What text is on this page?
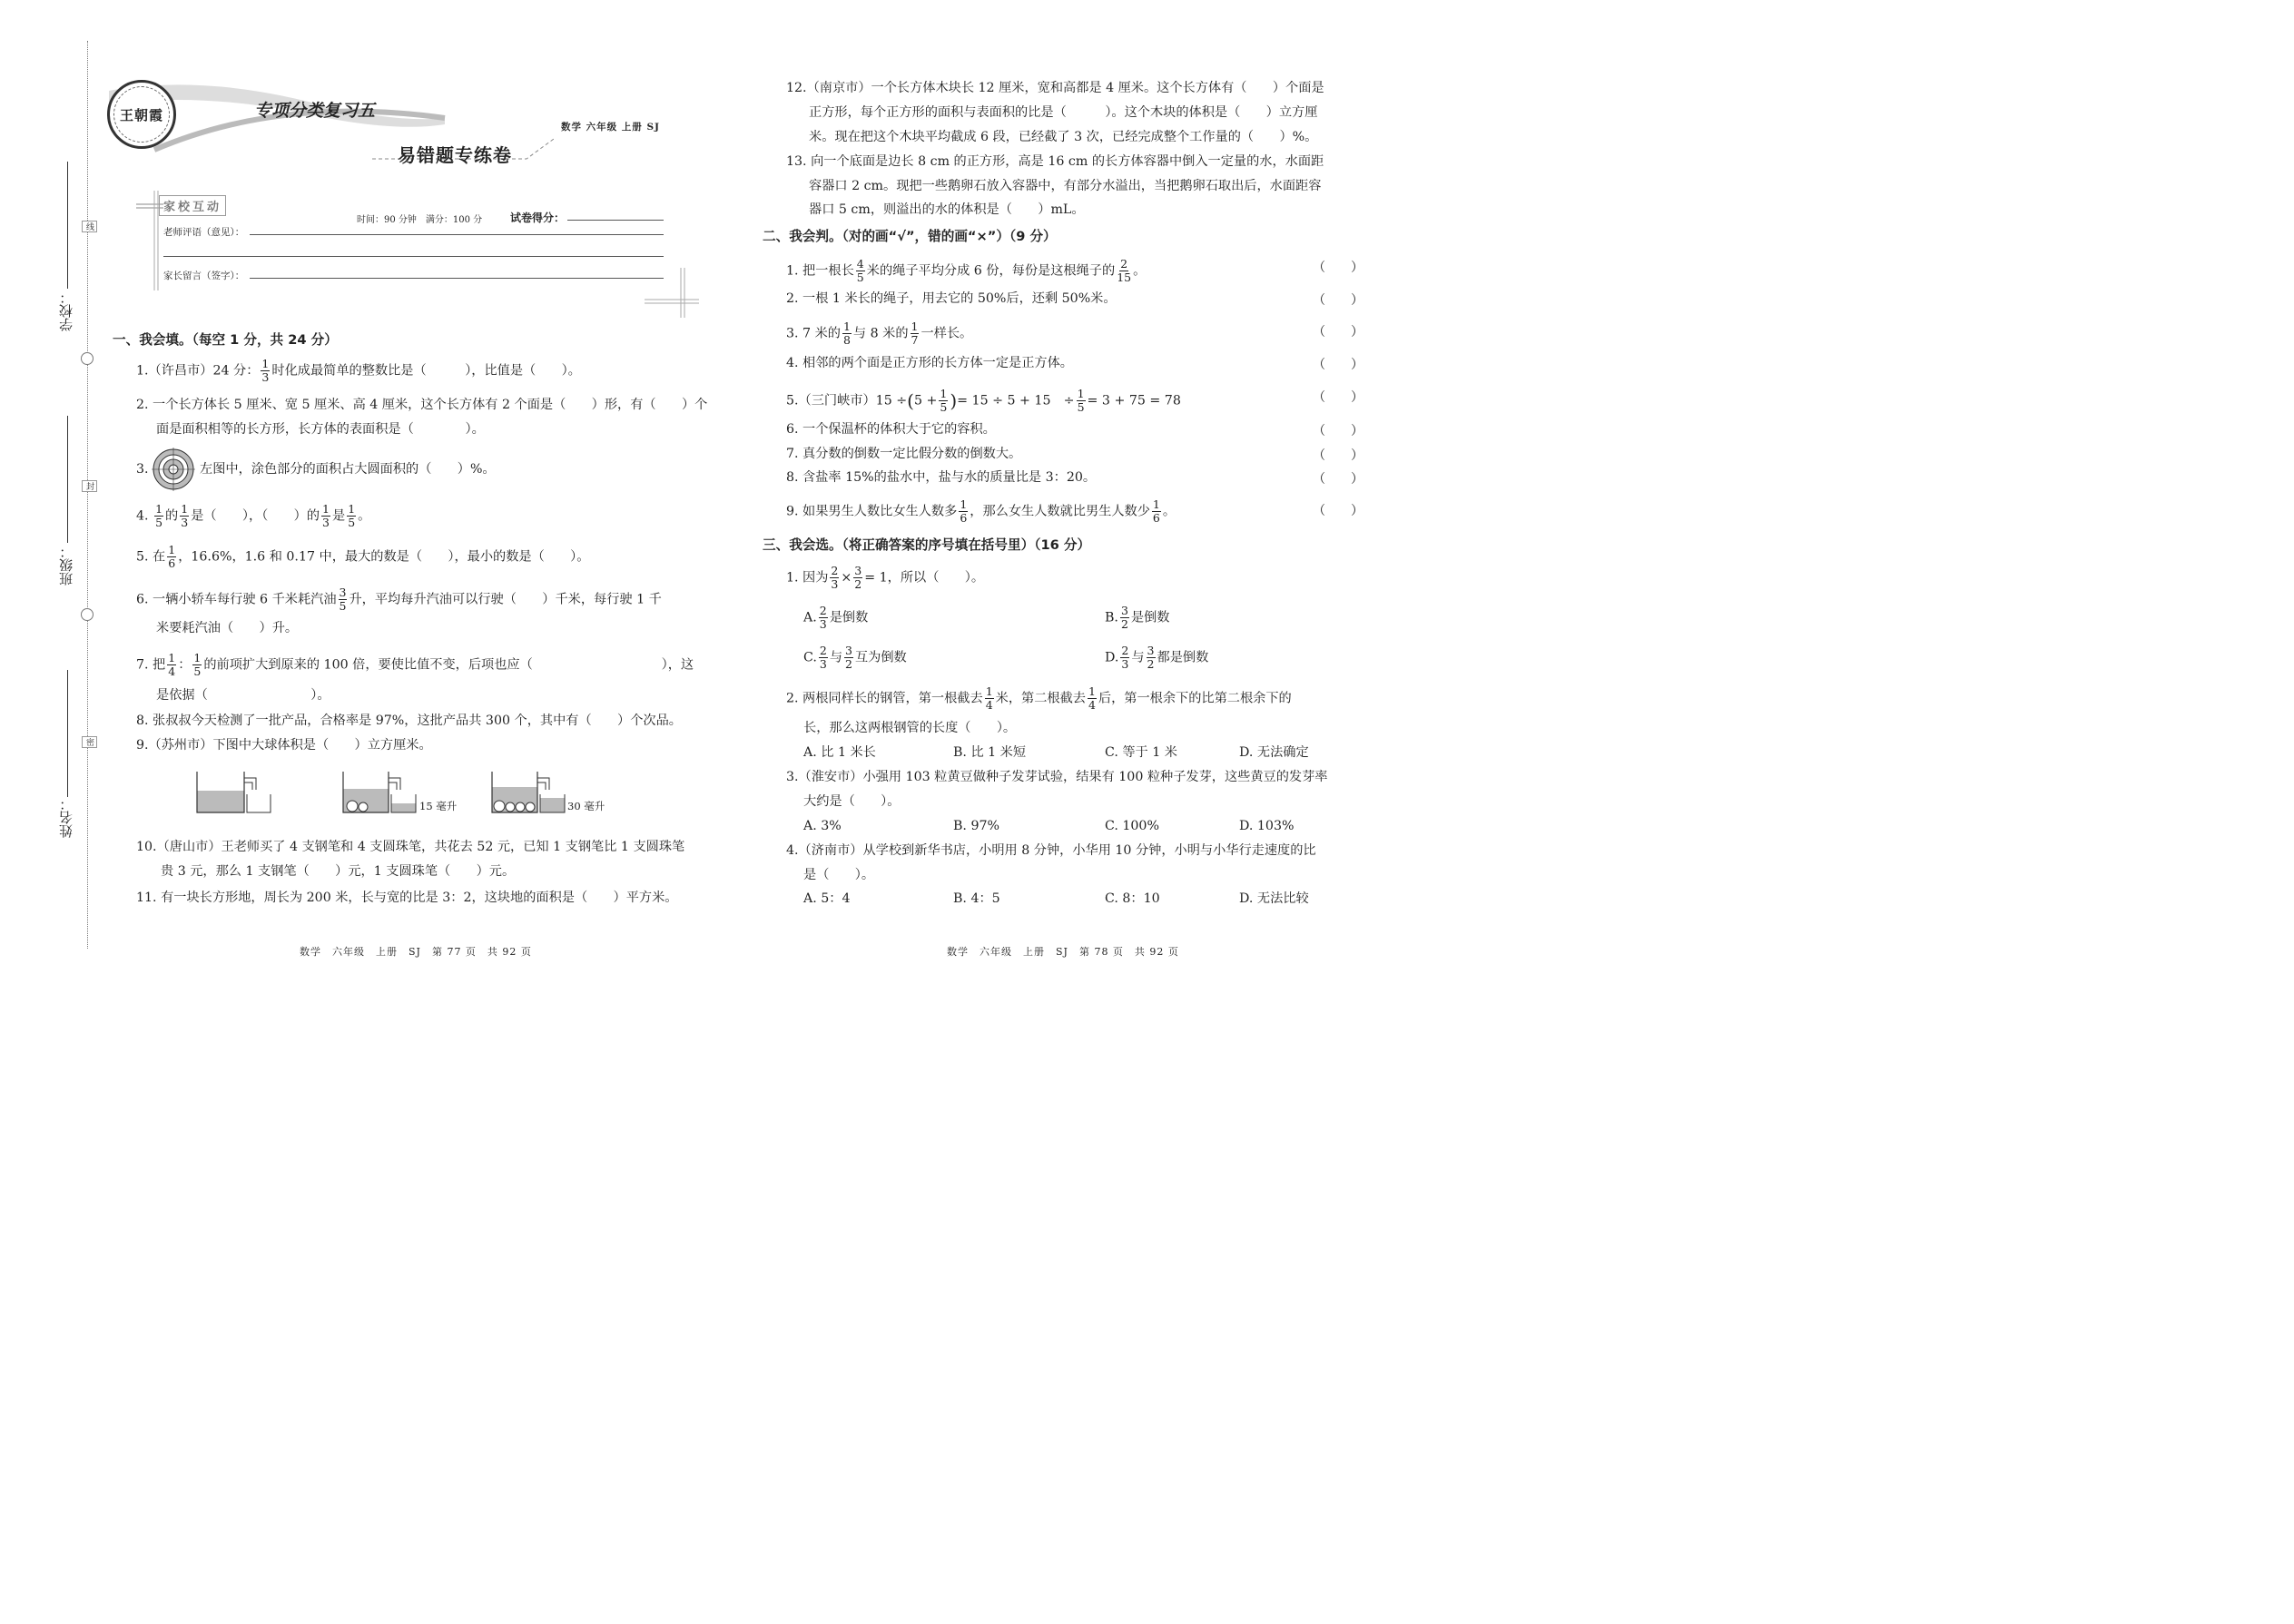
线
封
密
学校：
班级：
姓名：
王朝霞	专项分类复习五
数学 六年级 上册 SJ
易错题专练卷
家校互动
时间：90 分钟　满分：100 分	试卷得分：
老师评语（意见）：
家长留言（签字）：
一、我会填。（每空 1 分，共 24 分）
1.（许昌市）24 分： $\frac{1}{3}$ 时化成最简单的整数比是（　　　），比值是（　　）。
2. 一个长方体长 5 厘米、宽 5 厘米、高 4 厘米，这个长方体有 2 个面是（　　）形，有（　　）个
面是面积相等的长方形，长方体的表面积是（　　　　）。
3.	左图中，涂色部分的面积占大圆面积的（　　）%。
4. $\frac{1}{5}$ 的 $\frac{1}{3}$ 是（　　），（　　）的 $\frac{1}{3}$ 是 $\frac{1}{5}$ 。
5. 在 $\frac{1}{6}$ ，16.6%，1.6 和 0.17 中，最大的数是（　　），最小的数是（　　）。
6. 一辆小轿车每行驶 6 千米耗汽油 $\frac{3}{5}$ 升，平均每升汽油可以行驶（　　）千米，每行驶 1 千
米要耗汽油（　　）升。
7. 把 $\frac{1}{4}$ ： $\frac{1}{5}$ 的前项扩大到原来的 100 倍，要使比值不变，后项也应（　　　　　　　　　　），这
是依据（　　　　　　　　）。
8. 张叔叔今天检测了一批产品，合格率是 97%，这批产品共 300 个，其中有（　　）个次品。
9.（苏州市）下图中大球体积是（　　）立方厘米。
15 毫升	30 毫升
10.（唐山市）王老师买了 4 支钢笔和 4 支圆珠笔，共花去 52 元，已知 1 支钢笔比 1 支圆珠笔
贵 3 元，那么 1 支钢笔（　　）元，1 支圆珠笔（　　）元。
11. 有一块长方形地，周长为 200 米，长与宽的比是 3：2，这块地的面积是（　　）平方米。
12.（南京市）一个长方体木块长 12 厘米，宽和高都是 4 厘米。这个长方体有（　　）个面是
正方形，每个正方形的面积与表面积的比是（　　　）。这个木块的体积是（　　）立方厘
米。现在把这个木块平均截成 6 段，已经截了 3 次，已经完成整个工作量的（　　）%。
13. 向一个底面是边长 8 cm 的正方形，高是 16 cm 的长方体容器中倒入一定量的水，水面距
容器口 2 cm。现把一些鹅卵石放入容器中，有部分水溢出，当把鹅卵石取出后，水面距容
器口 5 cm，则溢出的水的体积是（　　）mL。
二、我会判。（对的画“√”，错的画“×”）（9 分）
1. 把一根长 $\frac{4}{5}$ 米的绳子平均分成 6 份，每份是这根绳子的 $\frac{2}{15}$ 。	（　　）
2. 一根 1 米长的绳子，用去它的 50%后，还剩 50%米。	（　　）
3. 7 米的 $\frac{1}{8}$ 与 8 米的 $\frac{1}{7}$ 一样长。	（　　）
4. 相邻的两个面是正方形的长方体一定是正方体。	（　　）
5.（三门峡市）$15 \div(5 + \frac{1}{5}$ )= 15 ÷ 5 + 15　÷ $\frac{1}{5} = 3 + 75 = 78$	（　　）
6. 一个保温杯的体积大于它的容积。	（　　）
7. 真分数的倒数一定比假分数的倒数大。	（　　）
8. 含盐率 15%的盐水中，盐与水的质量比是 3：20。	（　　）
9. 如果男生人数比女生人数多 $\frac{1}{6}$ ，那么女生人数就比男生人数少 $\frac{1}{6}$ 。	（　　）
三、我会选。（将正确答案的序号填在括号里）（16 分）
1. 因为 $\frac{2}{3} \times \frac{3}{2} = 1$，所以（　　）。
A. $\frac{2}{3}$ 是倒数	B. $\frac{3}{2}$ 是倒数
C. $\frac{2}{3}$ 与 $\frac{3}{2}$ 互为倒数	D. $\frac{2}{3}$ 与 $\frac{3}{2}$ 都是倒数
2. 两根同样长的钢管，第一根截去 $\frac{1}{4}$ 米，第二根截去 $\frac{1}{4}$ 后，第一根余下的比第二根余下的
长，那么这两根钢管的长度（　　）。
A. 比 1 米长	B. 比 1 米短	C. 等于 1 米	D. 无法确定
3.（淮安市）小强用 103 粒黄豆做种子发芽试验，结果有 100 粒种子发芽，这些黄豆的发芽率
大约是（　　）。
A. 3%	B. 97%	C. 100%	D. 103%
4.（济南市）从学校到新华书店，小明用 8 分钟，小华用 10 分钟，小明与小华行走速度的比
是（　　）。
A. 5：4	B. 4：5	C. 8：10	D. 无法比较
数学　六年级　上册　SJ　第 77 页　共 92 页	数学　六年级　上册　SJ　第 78 页　共 92 页
